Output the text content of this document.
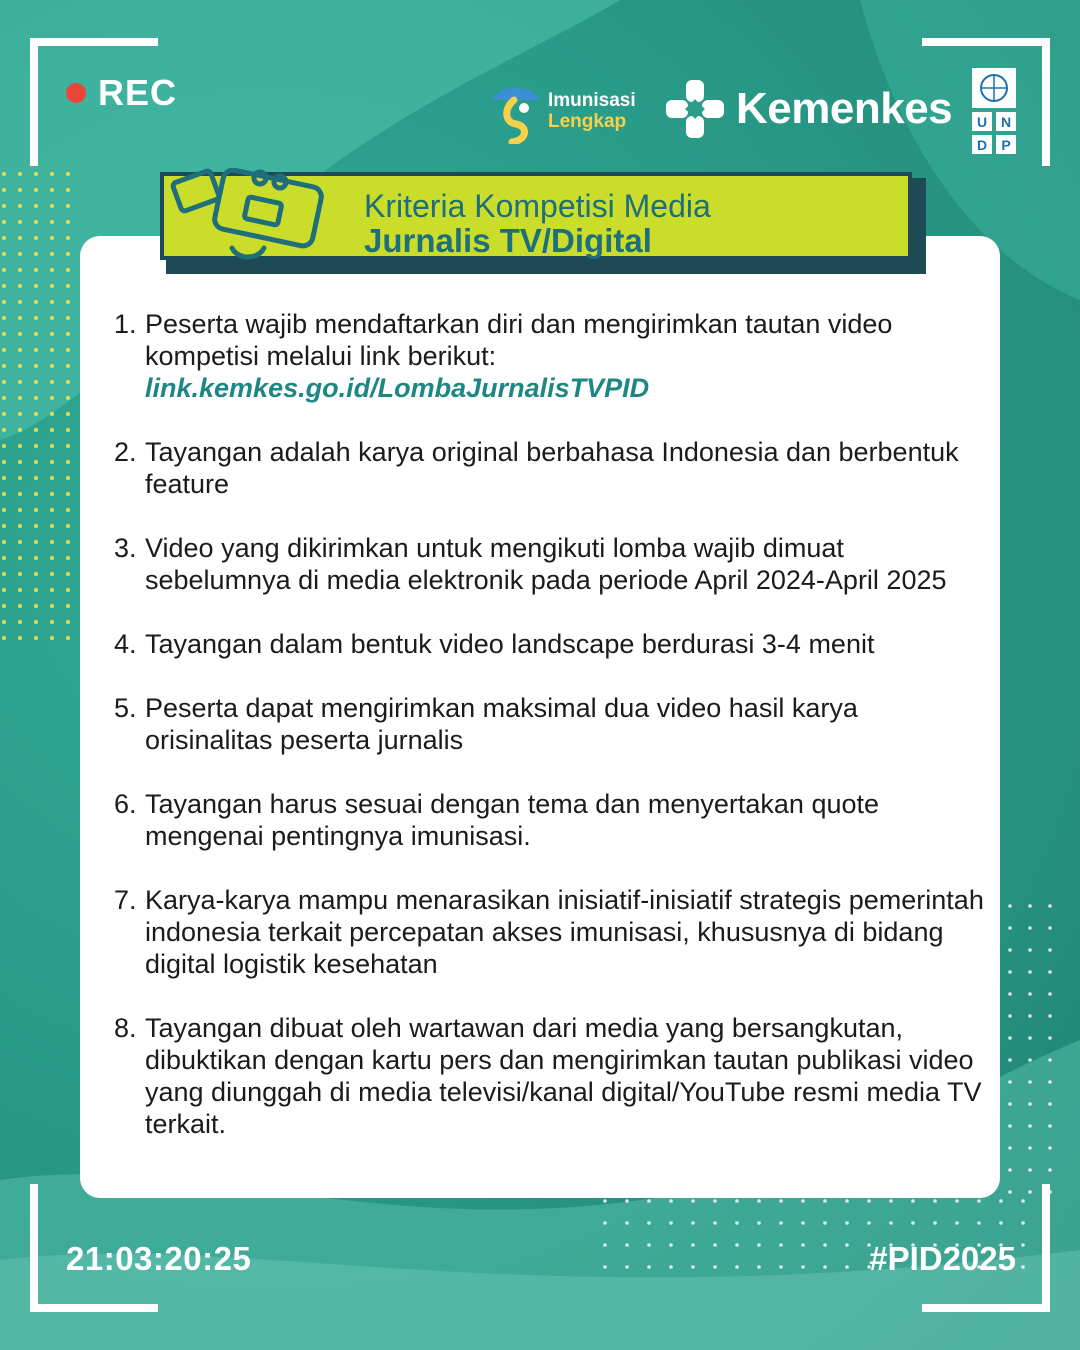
REC	Imunisasi
Lengkap Kemenkes U N
D P
Kriteria Kompetisi Media
Jurnalis TV/Digital
1. Peserta wajib mendaftarkan diri dan mengirimkan tautan video kompetisi melalui link berikut:
link.kemkes.go.id/LombaJurnalisTVPID
2. Tayangan adalah karya original berbahasa Indonesia dan berbentuk feature
3. Video yang dikirimkan untuk mengikuti lomba wajib dimuat sebelumnya di media elektronik pada periode April 2024-April 2025
4. Tayangan dalam bentuk video landscape berdurasi 3-4 menit
5. Peserta dapat mengirimkan maksimal dua video hasil karya orisinalitas peserta jurnalis
6. Tayangan harus sesuai dengan tema dan menyertakan quote mengenai pentingnya imunisasi.
7. Karya-karya mampu menarasikan inisiatif-inisiatif strategis pemerintah indonesia terkait percepatan akses imunisasi, khususnya di bidang digital logistik kesehatan
8. Tayangan dibuat oleh wartawan dari media yang bersangkutan, dibuktikan dengan kartu pers dan mengirimkan tautan publikasi video yang diunggah di media televisi/kanal digital/YouTube resmi media TV terkait.
21:03:20:25	#PID2025
